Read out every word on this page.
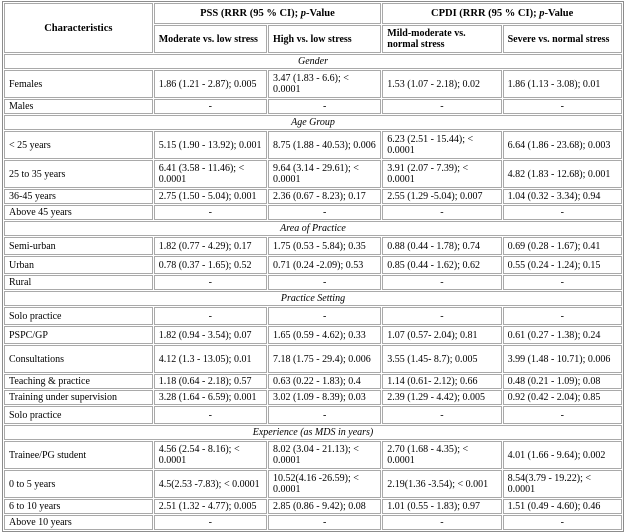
Characteristics	PSS (RRR (95 % CI); p-Value		CPDI (RRR (95 % CI); p-Value	
	Moderate vs. low stress	High vs. low stress	Mild-moderate vs. normal stress	Severe vs. normal stress
Gender				
Females	1.86 (1.21 - 2.87); 0.005	3.47 (1.83 - 6.6); < 0.0001	1.53 (1.07 - 2.18); 0.02	1.86 (1.13 - 3.08); 0.01
Males	-	-	-	-
Age Group				
< 25 years	5.15 (1.90 - 13.92); 0.001	8.75 (1.88 - 40.53); 0.006	6.23 (2.51 - 15.44); < 0.0001	6.64 (1.86 - 23.68); 0.003
25 to 35 years	6.41 (3.58 - 11.46); < 0.0001	9.64 (3.14 - 29.61); < 0.0001	3.91 (2.07 - 7.39); < 0.0001	4.82 (1.83 - 12.68); 0.001
36-45 years	2.75 (1.50 - 5.04); 0.001	2.36 (0.67 - 8.23); 0.17	2.55 (1.29 -5.04); 0.007	1.04 (0.32 - 3.34); 0.94
Above 45 years	-	-	-	-
Area of Practice				
Semi-urban	1.82 (0.77 - 4.29); 0.17	1.75 (0.53 - 5.84); 0.35	0.88 (0.44 - 1.78); 0.74	0.69 (0.28 - 1.67); 0.41
Urban	0.78 (0.37 - 1.65); 0.52	0.71 (0.24 -2.09); 0.53	0.85 (0.44 - 1.62); 0.62	0.55 (0.24 - 1.24); 0.15
Rural	-	-	-	-
Practice Setting				
Solo practice	-	-	-	-
PSPC/GP	1.82 (0.94 - 3.54); 0.07	1.65 (0.59 - 4.62); 0.33	1.07 (0.57- 2.04); 0.81	0.61 (0.27 - 1.38); 0.24
Consultations	4.12 (1.3 - 13.05); 0.01	7.18 (1.75 - 29.4); 0.006	3.55 (1.45- 8.7); 0.005	3.99 (1.48 - 10.71); 0.006
Teaching & practice	1.18 (0.64 - 2.18); 0.57	0.63 (0.22 - 1.83); 0.4	1.14 (0.61- 2.12); 0.66	0.48 (0.21 - 1.09); 0.08
Training under supervision	3.28 (1.64 - 6.59); 0.001	3.02 (1.09 - 8.39); 0.03	2.39 (1.29 - 4.42); 0.005	0.92 (0.42 - 2.04); 0.85
Solo practice	-	-	-	-
Experience (as MDS in years)				
Trainee/PG student	4.56 (2.54 - 8.16); < 0.0001	8.02 (3.04 - 21.13); < 0.0001	2.70 (1.68 - 4.35); < 0.0001	4.01 (1.66 - 9.64); 0.002
0 to 5 years	4.5(2.53 -7.83); < 0.0001	10.52(4.16 -26.59); < 0.0001	2.19(1.36 -3.54); < 0.001	8.54(3.79 - 19.22); < 0.0001
6 to 10 years	2.51 (1.32 - 4.77); 0.005	2.85 (0.86 - 9.42); 0.08	1.01 (0.55 - 1.83); 0.97	1.51 (0.49 - 4.60); 0.46
Above 10 years	-	-	-	-
